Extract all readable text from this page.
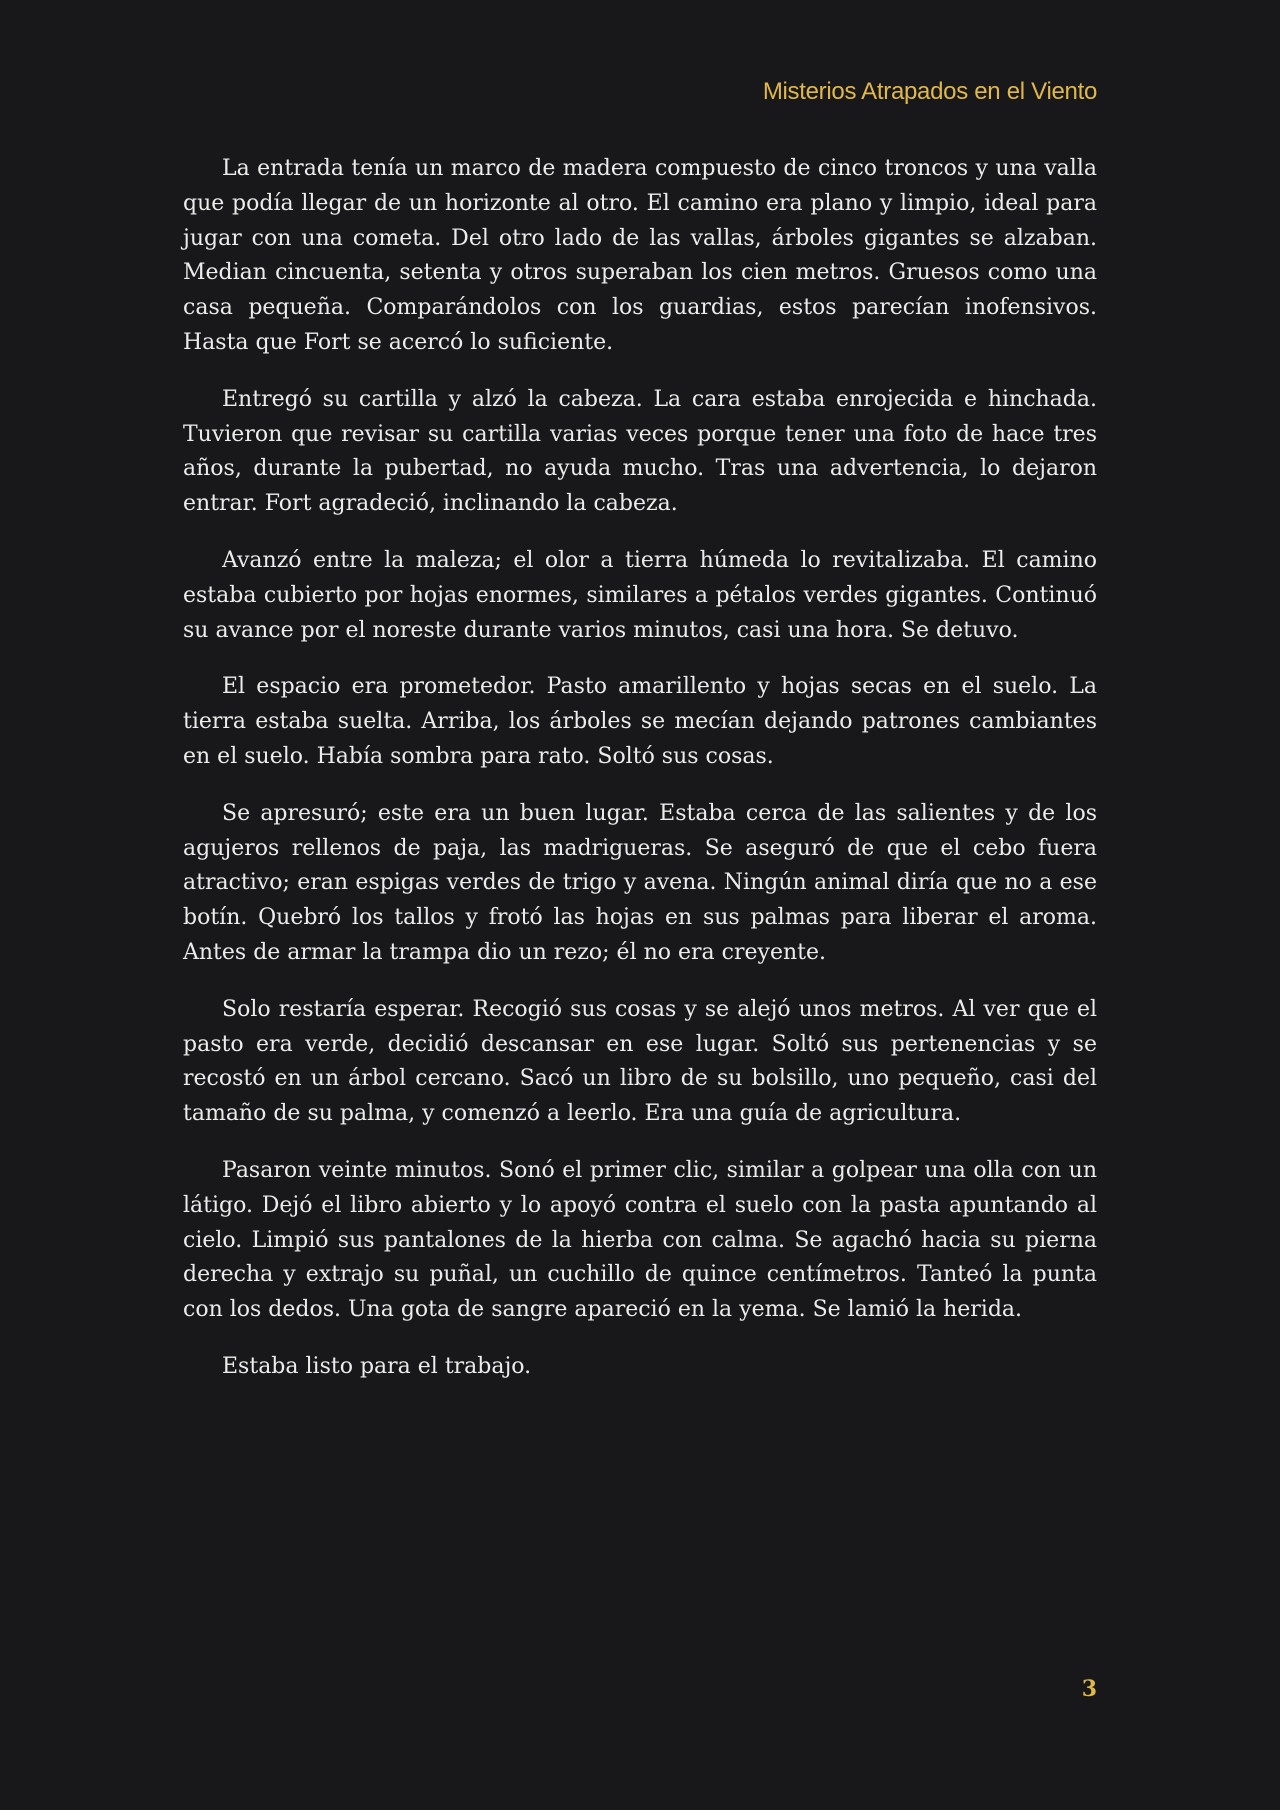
Misterios Atrapados en el Viento

La entrada tenía un marco de madera compuesto de cinco troncos y una valla que podía llegar de un horizonte al otro. El camino era plano y limpio, ideal para jugar con una cometa. Del otro lado de las vallas, árboles gigantes se alzaban. Median cincuenta, setenta y otros superaban los cien metros. Gruesos como una casa pequeña. Comparándolos con los guardias, estos parecían inofensivos. Hasta que Fort se acercó lo suficiente.

Entregó su cartilla y alzó la cabeza. La cara estaba enrojecida e hinchada. Tuvieron que revisar su cartilla varias veces porque tener una foto de hace tres años, durante la pubertad, no ayuda mucho. Tras una advertencia, lo dejaron entrar. Fort agradeció, inclinando la cabeza.

Avanzó entre la maleza; el olor a tierra húmeda lo revitalizaba. El camino estaba cubierto por hojas enormes, similares a pétalos verdes gigantes. Continuó su avance por el noreste durante varios minutos, casi una hora. Se detuvo.

El espacio era prometedor. Pasto amarillento y hojas secas en el suelo. La tierra estaba suelta. Arriba, los árboles se mecían dejando patrones cambiantes en el suelo. Había sombra para rato. Soltó sus cosas.

Se apresuró; este era un buen lugar. Estaba cerca de las salientes y de los agujeros rellenos de paja, las madrigueras. Se aseguró de que el cebo fuera atractivo; eran espigas verdes de trigo y avena. Ningún animal diría que no a ese botín. Quebró los tallos y frotó las hojas en sus palmas para liberar el aroma. Antes de armar la trampa dio un rezo; él no era creyente.

Solo restaría esperar. Recogió sus cosas y se alejó unos metros. Al ver que el pasto era verde, decidió descansar en ese lugar. Soltó sus pertenencias y se recostó en un árbol cercano. Sacó un libro de su bolsillo, uno pequeño, casi del tamaño de su palma, y comenzó a leerlo. Era una guía de agricultura.

Pasaron veinte minutos. Sonó el primer clic, similar a golpear una olla con un látigo. Dejó el libro abierto y lo apoyó contra el suelo con la pasta apuntando al cielo. Limpió sus pantalones de la hierba con calma. Se agachó hacia su pierna derecha y extrajo su puñal, un cuchillo de quince centímetros. Tanteó la punta con los dedos. Una gota de sangre apareció en la yema. Se lamió la herida.

Estaba listo para el trabajo.

3
